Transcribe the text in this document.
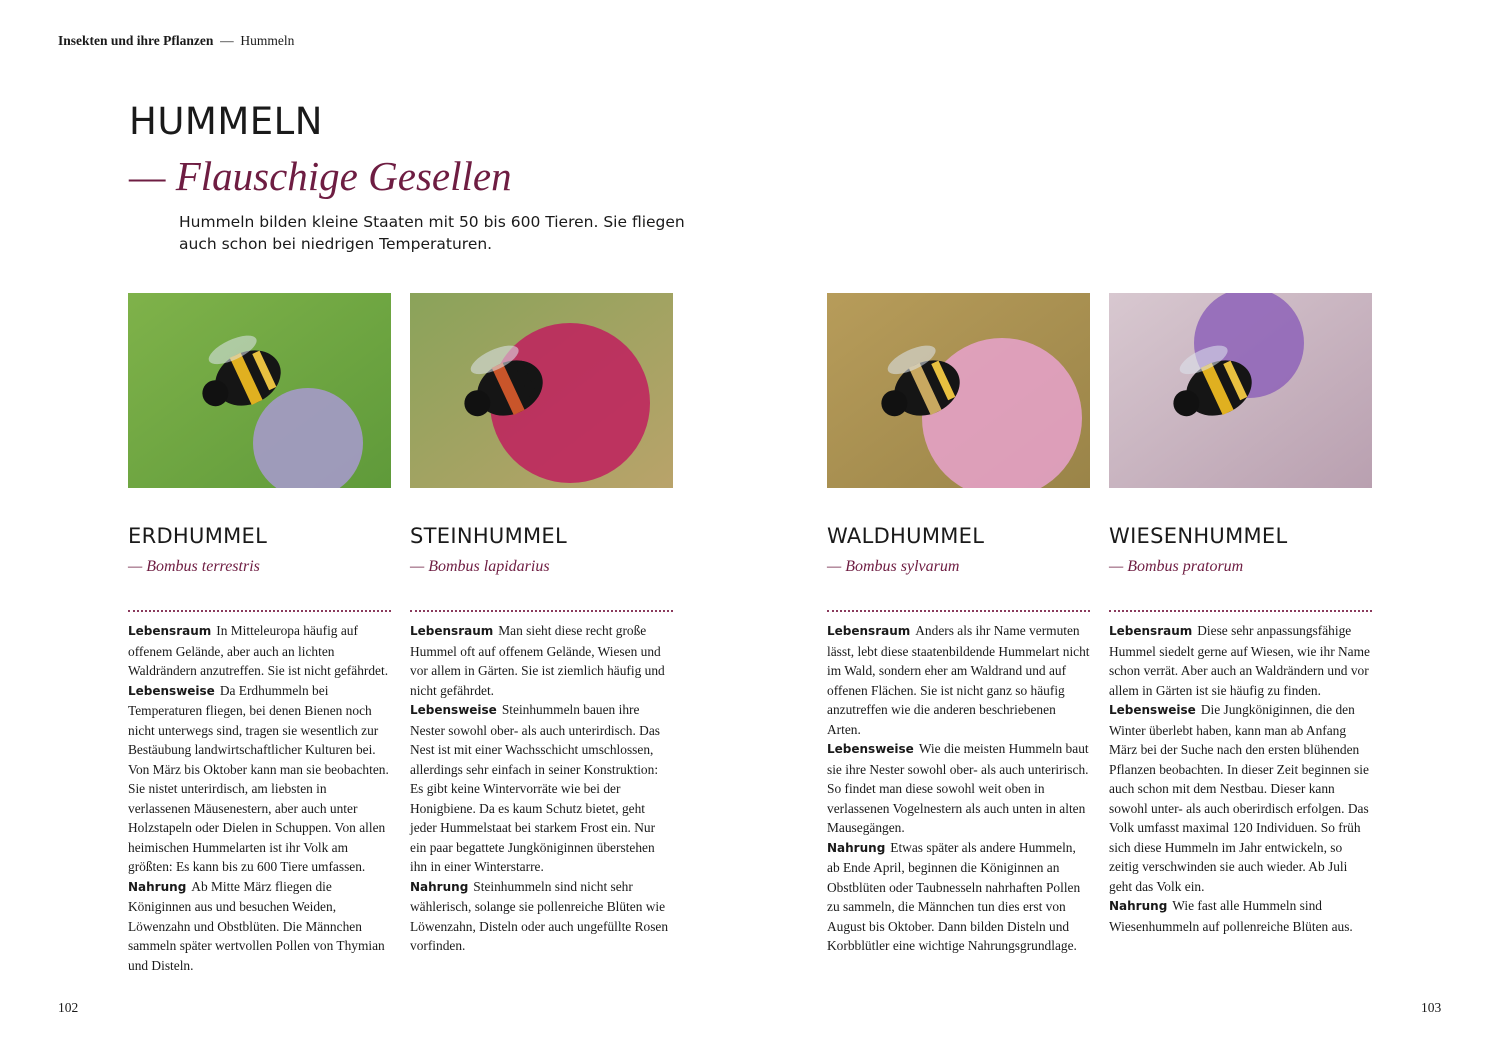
Insekten und ihre Pflanzen — Hummeln
HUMMELN
— Flauschige Gesellen

Hummeln bilden kleine Staaten mit 50 bis 600 Tieren. Sie fliegen auch schon bei niedrigen Temperaturen.

ERDHUMMEL
— Bombus terrestris

Lebensraum In Mitteleuropa häufig auf offenem Gelände, aber auch an lichten Waldrändern anzutreffen. Sie ist nicht gefährdet.

Lebensweise Da Erdhummeln bei Temperaturen fliegen, bei denen Bienen noch nicht unterwegs sind, tragen sie wesentlich zur Bestäubung landwirtschaftlicher Kulturen bei. Von März bis Oktober kann man sie beobachten. Sie nistet unterirdisch, am liebsten in verlassenen Mäusenestern, aber auch unter Holzstapeln oder Dielen in Schuppen. Von allen heimischen Hummelarten ist ihr Volk am größten: Es kann bis zu 600 Tiere umfassen.

Nahrung Ab Mitte März fliegen die Königinnen aus und besuchen Weiden, Löwenzahn und Obstblüten. Die Männchen sammeln später wertvollen Pollen von Thymian und Disteln.

STEINHUMMEL
— Bombus lapidarius

Lebensraum Man sieht diese recht große Hummel oft auf offenem Gelände, Wiesen und vor allem in Gärten. Sie ist ziemlich häufig und nicht gefährdet.

Lebensweise Steinhummeln bauen ihre Nester sowohl ober- als auch unterirdisch. Das Nest ist mit einer Wachsschicht umschlossen, allerdings sehr einfach in seiner Konstruktion: Es gibt keine Wintervorräte wie bei der Honigbiene. Da es kaum Schutz bietet, geht jeder Hummelstaat bei starkem Frost ein. Nur ein paar begattete Jungköniginnen überstehen ihn in einer Winterstarre.

Nahrung Steinhummeln sind nicht sehr wählerisch, solange sie pollenreiche Blüten wie Löwenzahn, Disteln oder auch ungefüllte Rosen vorfinden.

WALDHUMMEL
— Bombus sylvarum

Lebensraum Anders als ihr Name vermuten lässt, lebt diese staatenbildende Hummelart nicht im Wald, sondern eher am Waldrand und auf offenen Flächen. Sie ist nicht ganz so häufig anzutreffen wie die anderen beschriebenen Arten.

Lebensweise Wie die meisten Hummeln baut sie ihre Nester sowohl ober- als auch unteririsch. So findet man diese sowohl weit oben in verlassenen Vogelnestern als auch unten in alten Mausegängen.

Nahrung Etwas später als andere Hummeln, ab Ende April, beginnen die Königinnen an Obstblüten oder Taubnesseln nahrhaften Pollen zu sammeln, die Männchen tun dies erst von August bis Oktober. Dann bilden Disteln und Korbblütler eine wichtige Nahrungsgrundlage.

WIESENHUMMEL
— Bombus pratorum

Lebensraum Diese sehr anpassungsfähige Hummel siedelt gerne auf Wiesen, wie ihr Name schon verrät. Aber auch an Waldrändern und vor allem in Gärten ist sie häufig zu finden.

Lebensweise Die Jungköniginnen, die den Winter überlebt haben, kann man ab Anfang März bei der Suche nach den ersten blühenden Pflanzen beobachten. In dieser Zeit beginnen sie auch schon mit dem Nestbau. Dieser kann sowohl unter- als auch oberirdisch erfolgen. Das Volk umfasst maximal 120 Individuen. So früh sich diese Hummeln im Jahr entwickeln, so zeitig verschwinden sie auch wieder. Ab Juli geht das Volk ein.

Nahrung Wie fast alle Hummeln sind Wiesenhummeln auf pollenreiche Blüten aus.

102	103
